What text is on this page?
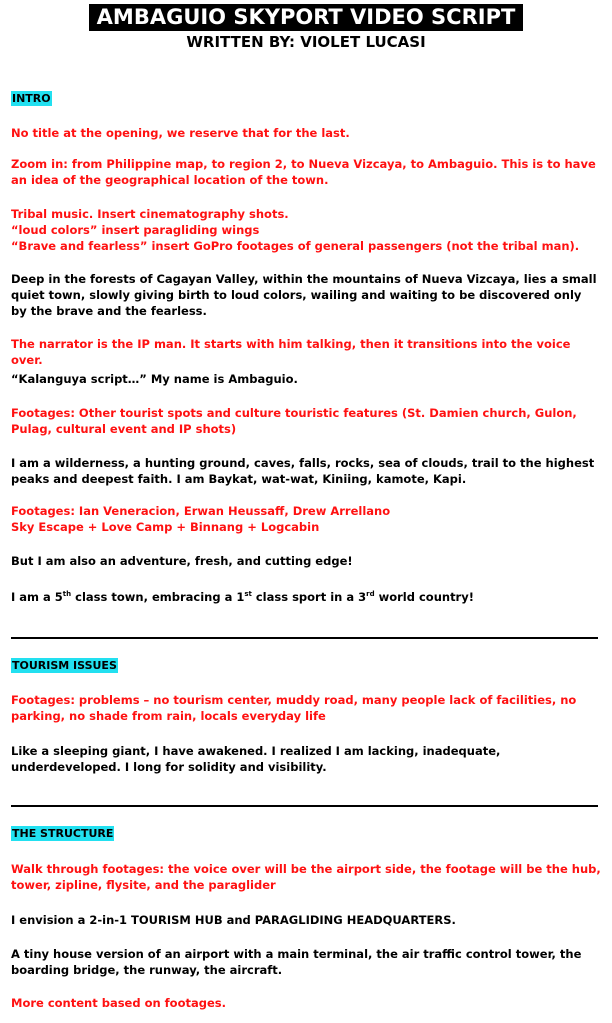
AMBAGUIO SKYPORT VIDEO SCRIPT
WRITTEN BY: VIOLET LUCASI
INTRO

No title at the opening, we reserve that for the last.

Zoom in: from Philippine map, to region 2, to Nueva Vizcaya, to Ambaguio. This is to have an idea of the geographical location of the town.

Tribal music. Insert cinematography shots.

“loud colors” insert paragliding wings

“Brave and fearless” insert GoPro footages of general passengers (not the tribal man).

Deep in the forests of Cagayan Valley, within the mountains of Nueva Vizcaya, lies a small quiet town, slowly giving birth to loud colors, wailing and waiting to be discovered only by the brave and the fearless.

The narrator is the IP man. It starts with him talking, then it transitions into the voice over.

“Kalanguya script…” My name is Ambaguio.

Footages: Other tourist spots and culture touristic features (St. Damien church, Gulon, Pulag, cultural event and IP shots)

I am a wilderness, a hunting ground, caves, falls, rocks, sea of clouds, trail to the highest peaks and deepest faith. I am Baykat, wat-wat, Kiniing, kamote, Kapi.

Footages: Ian Veneracion, Erwan Heussaff, Drew Arrellano

Sky Escape + Love Camp + Binnang + Logcabin

But I am also an adventure, fresh, and cutting edge!

I am a 5th class town, embracing a 1st class sport in a 3rd world country!

TOURISM ISSUES

Footages: problems – no tourism center, muddy road, many people lack of facilities, no parking, no shade from rain, locals everyday life

Like a sleeping giant, I have awakened. I realized I am lacking, inadequate, underdeveloped. I long for solidity and visibility.

THE STRUCTURE

Walk through footages: the voice over will be the airport side, the footage will be the hub, tower, zipline, flysite, and the paraglider

I envision a 2-in-1 TOURISM HUB and PARAGLIDING HEADQUARTERS.

A tiny house version of an airport with a main terminal, the air traffic control tower, the boarding bridge, the runway, the aircraft.

More content based on footages.
